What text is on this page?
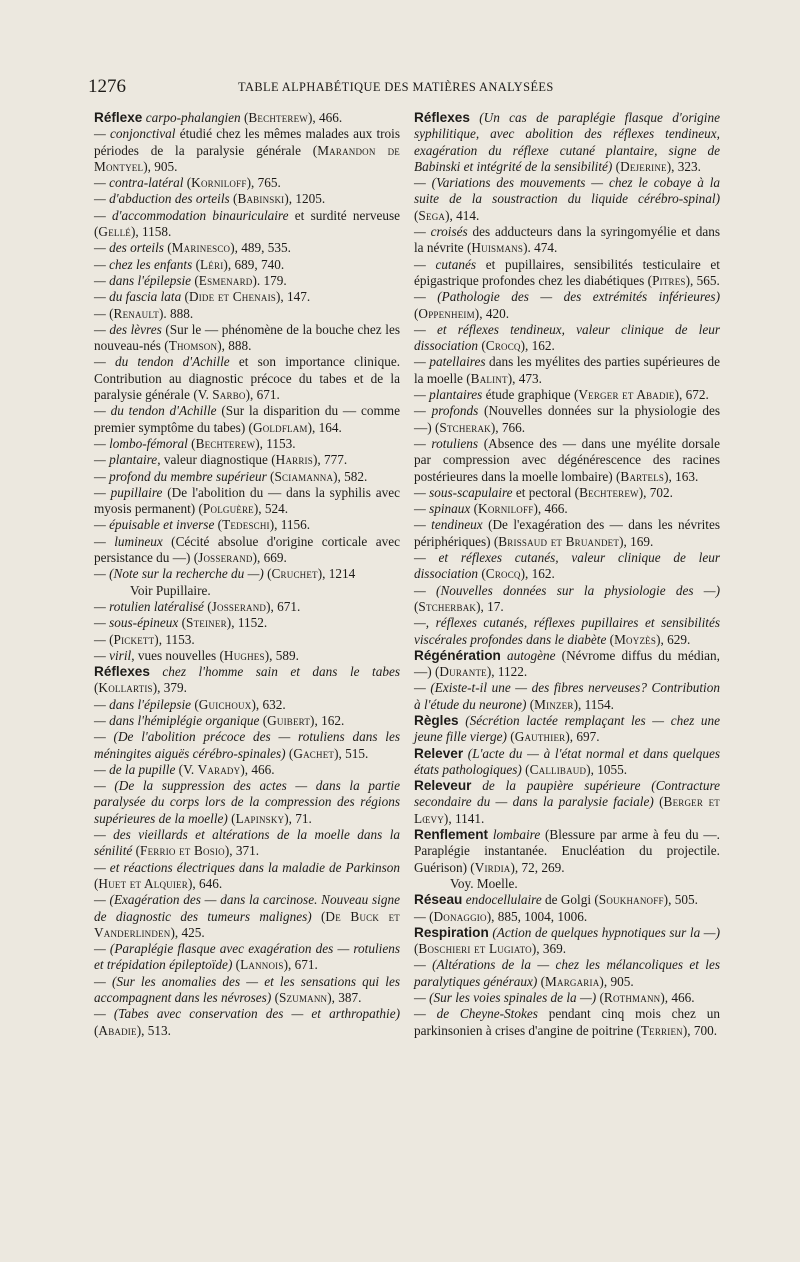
1276	TABLE ALPHABÉTIQUE DES MATIÈRES ANALYSÉES

Réflexe carpo-phalangien (Bechterew), 466.

— conjonctival étudié chez les mêmes malades aux trois périodes de la paralysie générale (Marandon de Montyel), 905.

— contra-latéral (Korniloff), 765.

— d'abduction des orteils (Babinski), 1205.

— d'accommodation binauriculaire et surdité nerveuse (Gellé), 1158.

— des orteils (Marinesco), 489, 535.

— chez les enfants (Léri), 689, 740.

— dans l'épilepsie (Esmenard). 179.

— du fascia lata (Dide et Chenais), 147.

— (Renault). 888.

— des lèvres (Sur le — phénomène de la bouche chez les nouveau-nés (Thomson), 888.

— du tendon d'Achille et son importance clinique. Contribution au diagnostic précoce du tabes et de la paralysie générale (V. Sarbo), 671.

— du tendon d'Achille (Sur la disparition du — comme premier symptôme du tabes) (Goldflam), 164.

— lombo-fémoral (Bechterew), 1153.

— plantaire, valeur diagnostique (Harris), 777.

— profond du membre supérieur (Sciamanna), 582.

— pupillaire (De l'abolition du — dans la syphilis avec myosis permanent) (Polguère), 524.

— épuisable et inverse (Tedeschi), 1156.

— lumineux (Cécité absolue d'origine corticale avec persistance du —) (Josserand), 669.

— (Note sur la recherche du —) (Cruchet), 1214

Voir Pupillaire.

— rotulien latéralisé (Josserand), 671.

— sous-épineux (Steiner), 1152.

— (Pickett), 1153.

— viril, vues nouvelles (Hughes), 589.

Réflexes chez l'homme sain et dans le tabes (Kollartis), 379.

— dans l'épilepsie (Guichoux), 632.

— dans l'hémiplégie organique (Guibert), 162.

— (De l'abolition précoce des — rotuliens dans les méningites aiguës cérébro-spinales) (Gachet), 515.

— de la pupille (V. Varady), 466.

— (De la suppression des actes — dans la partie paralysée du corps lors de la compression des régions supérieures de la moelle) (Lapinsky), 71.

— des vieillards et altérations de la moelle dans la sénilité (Ferrio et Bosio), 371.

— et réactions électriques dans la maladie de Parkinson (Huet et Alquier), 646.

— (Exagération des — dans la carcinose. Nouveau signe de diagnostic des tumeurs malignes) (De Buck et Vanderlinden), 425.

— (Paraplégie flasque avec exagération des — rotuliens et trépidation épileptoïde) (Lannois), 671.

— (Sur les anomalies des — et les sensations qui les accompagnent dans les névroses) (Szumann), 387.

— (Tabes avec conservation des — et arthropathie) (Abadie), 513.

Réflexes (Un cas de paraplégie flasque d'origine syphilitique, avec abolition des réflexes tendineux, exagération du réflexe cutané plantaire, signe de Babinski et intégrité de la sensibilité) (Dejerine), 323.

— (Variations des mouvements — chez le cobaye à la suite de la soustraction du liquide cérébro-spinal) (Sega), 414.

— croisés des adducteurs dans la syringomyélie et dans la névrite (Huismans). 474.

— cutanés et pupillaires, sensibilités testiculaire et épigastrique profondes chez les diabétiques (Pitres), 565.

— (Pathologie des — des extrémités inférieures) (Oppenheim), 420.

— et réflexes tendineux, valeur clinique de leur dissociation (Crocq), 162.

— patellaires dans les myélites des parties supérieures de la moelle (Balint), 473.

— plantaires étude graphique (Verger et Abadie), 672.

— profonds (Nouvelles données sur la physiologie des —) (Stcherak), 766.

— rotuliens (Absence des — dans une myélite dorsale par compression avec dégénérescence des racines postérieures dans la moelle lombaire) (Bartels), 163.

— sous-scapulaire et pectoral (Bechterew), 702.

— spinaux (Korniloff), 466.

— tendineux (De l'exagération des — dans les névrites périphériques) (Brissaud et Bruandet), 169.

— et réflexes cutanés, valeur clinique de leur dissociation (Crocq), 162.

— (Nouvelles données sur la physiologie des —) (Stcherbak), 17.

—, réflexes cutanés, réflexes pupillaires et sensibilités viscérales profondes dans le diabète (Moyzès), 629.

Régénération autogène (Névrome diffus du médian, —) (Durante), 1122.

— (Existe-t-il une — des fibres nerveuses? Contribution à l'étude du neurone) (Minzer), 1154.

Règles (Sécrétion lactée remplaçant les — chez une jeune fille vierge) (Gauthier), 697.

Relever (L'acte du — à l'état normal et dans quelques états pathologiques) (Callibaud), 1055.

Releveur de la paupière supérieure (Contracture secondaire du — dans la paralysie faciale) (Berger et Lœvy), 1141.

Renflement lombaire (Blessure par arme à feu du —. Paraplégie instantanée. Enucléation du projectile. Guérison) (Virdia), 72, 269.

Voy. Moelle.

Réseau endocellulaire de Golgi (Soukhanoff), 505.

— (Donaggio), 885, 1004, 1006.

Respiration (Action de quelques hypnotiques sur la —) (Boschieri et Lugiato), 369.

— (Altérations de la — chez les mélancoliques et les paralytiques généraux) (Margaria), 905.

— (Sur les voies spinales de la —) (Rothmann), 466.

— de Cheyne-Stokes pendant cinq mois chez un parkinsonien à crises d'angine de poitrine (Terrien), 700.
